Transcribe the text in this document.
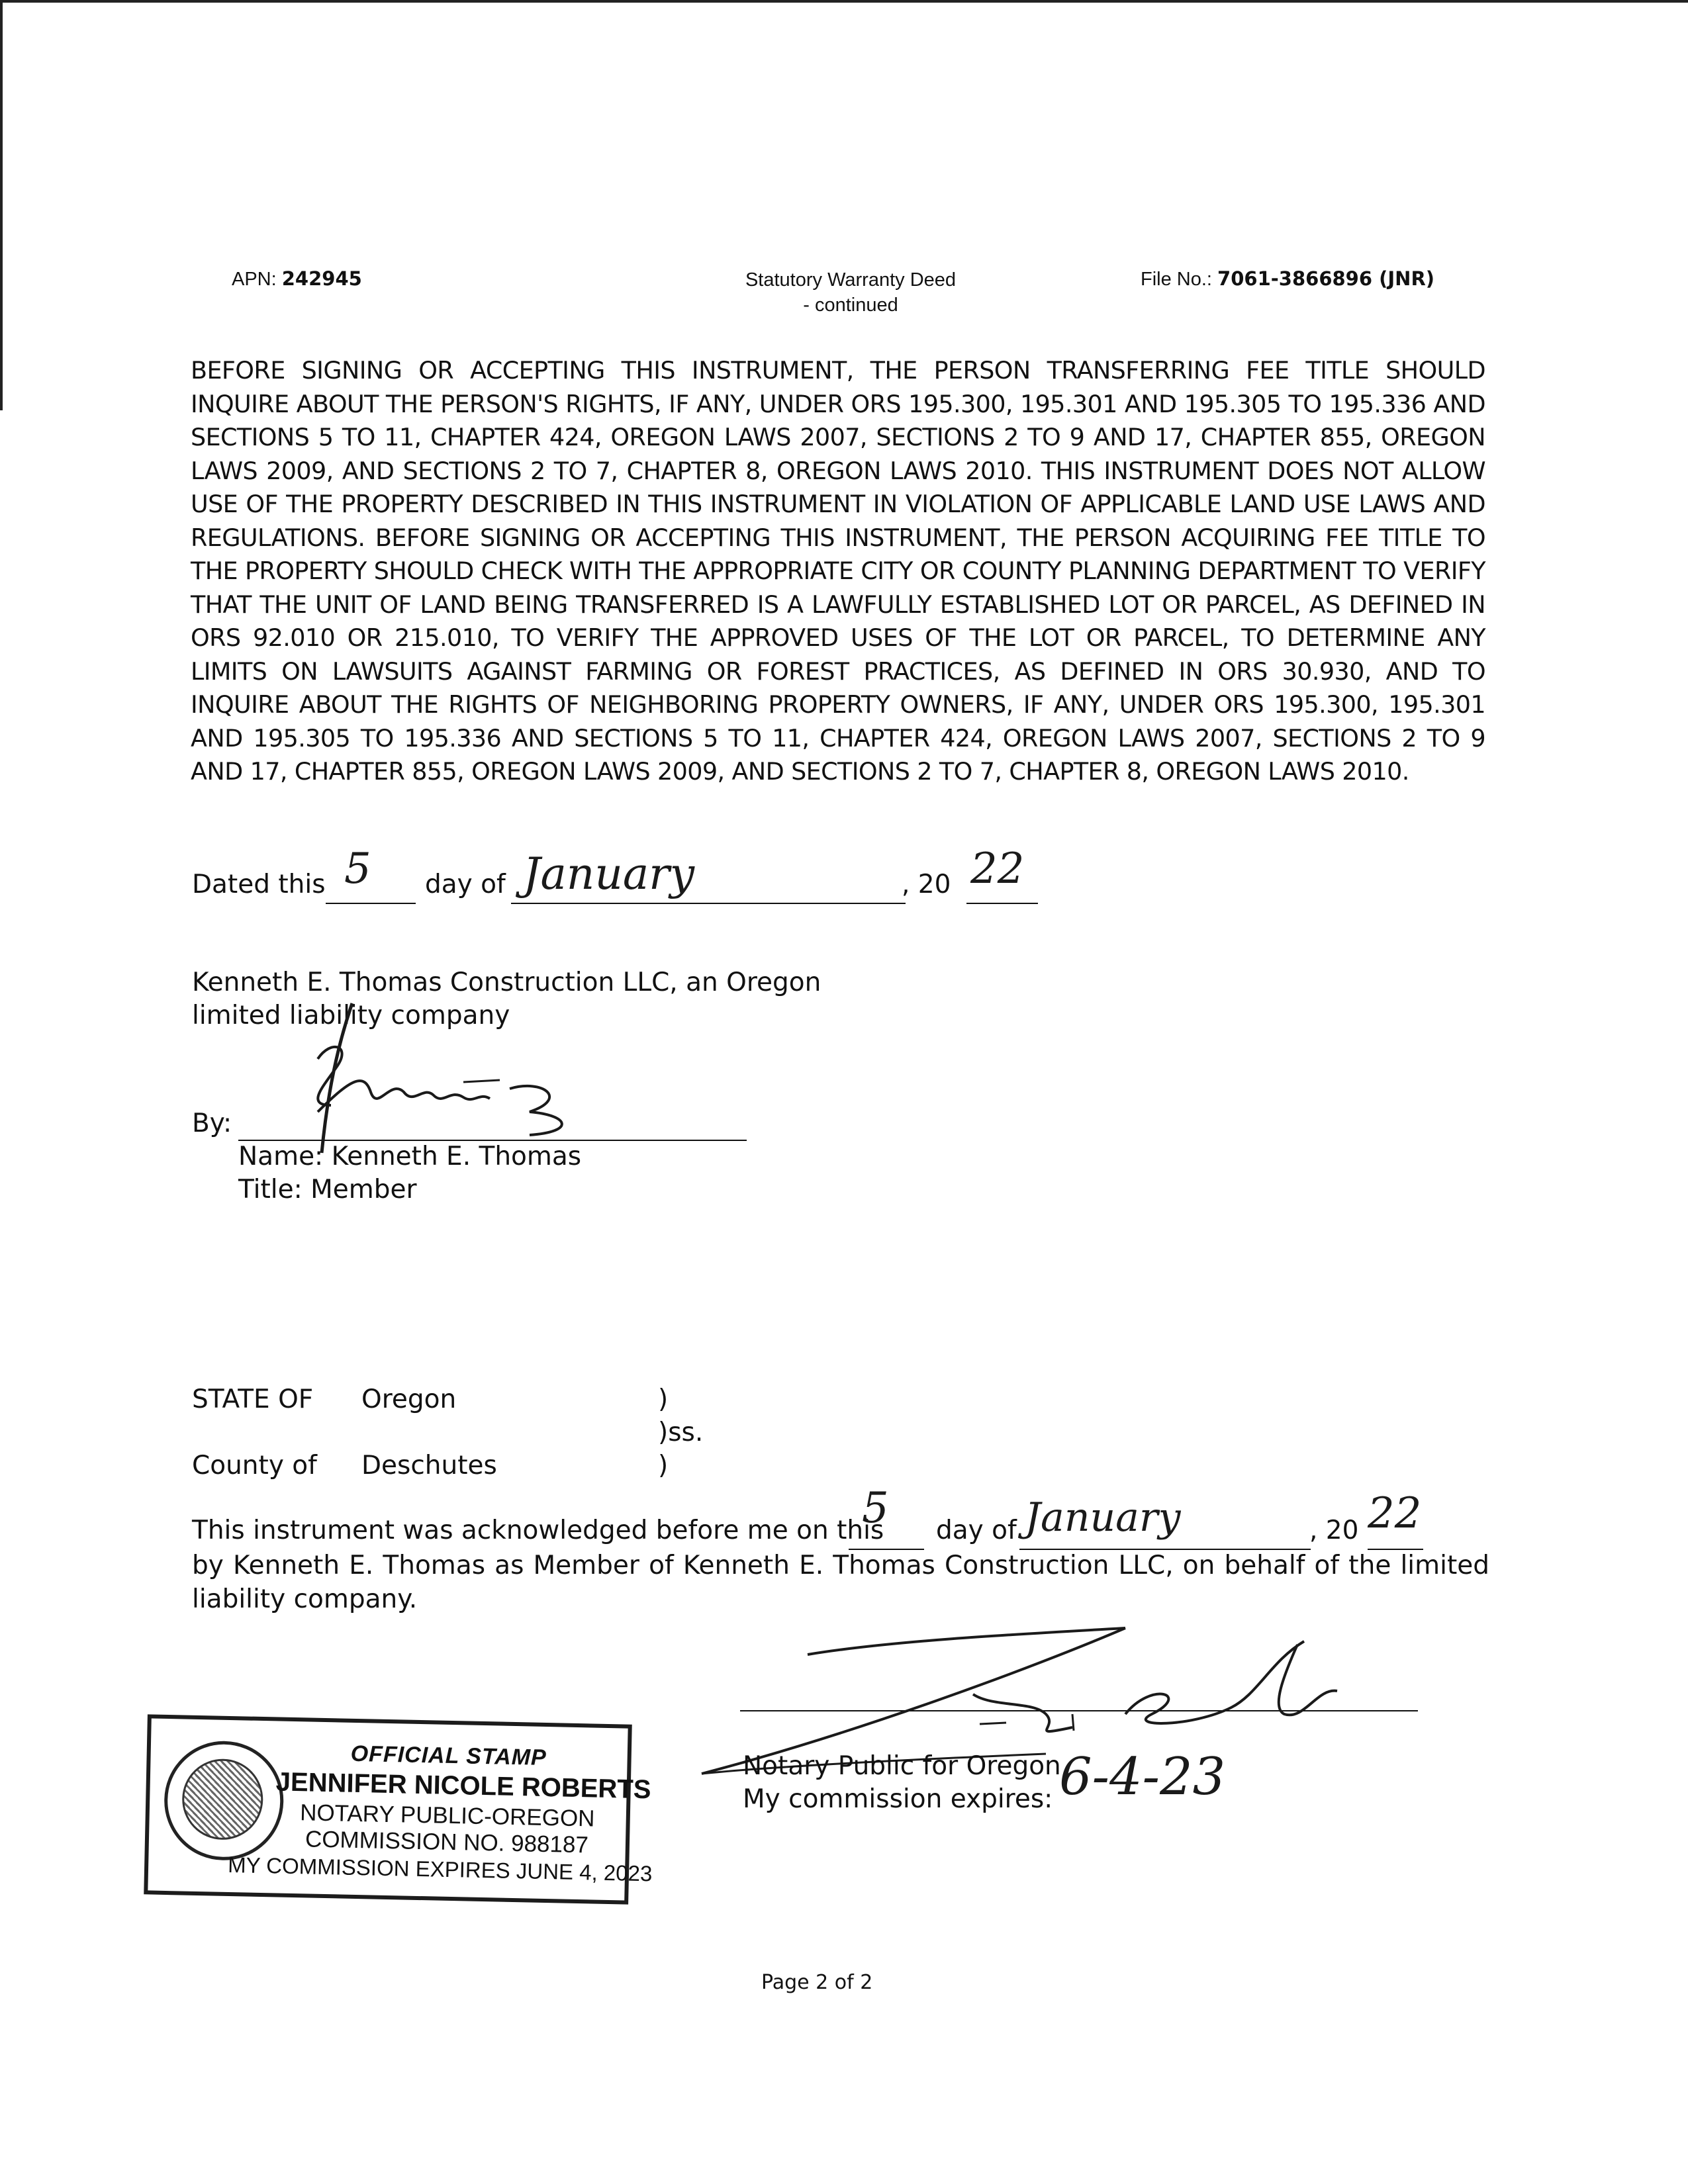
APN: 242945	Statutory Warranty Deed
- continued
File No.: 7061-3866896 (JNR)
BEFORE SIGNING OR ACCEPTING THIS INSTRUMENT, THE PERSON TRANSFERRING FEE TITLE SHOULD INQUIRE ABOUT THE PERSON'S RIGHTS, IF ANY, UNDER ORS 195.300, 195.301 AND 195.305 TO 195.336 AND SECTIONS 5 TO 11, CHAPTER 424, OREGON LAWS 2007, SECTIONS 2 TO 9 AND 17, CHAPTER 855, OREGON LAWS 2009, AND SECTIONS 2 TO 7, CHAPTER 8, OREGON LAWS 2010. THIS INSTRUMENT DOES NOT ALLOW USE OF THE PROPERTY DESCRIBED IN THIS INSTRUMENT IN VIOLATION OF APPLICABLE LAND USE LAWS AND REGULATIONS. BEFORE SIGNING OR ACCEPTING THIS INSTRUMENT, THE PERSON ACQUIRING FEE TITLE TO THE PROPERTY SHOULD CHECK WITH THE APPROPRIATE CITY OR COUNTY PLANNING DEPARTMENT TO VERIFY THAT THE UNIT OF LAND BEING TRANSFERRED IS A LAWFULLY ESTABLISHED LOT OR PARCEL, AS DEFINED IN ORS 92.010 OR 215.010, TO VERIFY THE APPROVED USES OF THE LOT OR PARCEL, TO DETERMINE ANY LIMITS ON LAWSUITS AGAINST FARMING OR FOREST PRACTICES, AS DEFINED IN ORS 30.930, AND TO INQUIRE ABOUT THE RIGHTS OF NEIGHBORING PROPERTY OWNERS, IF ANY, UNDER ORS 195.300, 195.301 AND 195.305 TO 195.336 AND SECTIONS 5 TO 11, CHAPTER 424, OREGON LAWS 2007, SECTIONS 2 TO 9 AND 17, CHAPTER 855, OREGON LAWS 2009, AND SECTIONS 2 TO 7, CHAPTER 8, OREGON LAWS 2010.
Dated this 5 day of January	, 20 22
Kenneth E. Thomas Construction LLC, an Oregon
limited liability company
By:
Name: Kenneth E. Thomas
Title: Member
STATE OF Oregon	)
)ss.
County of Deschutes	)
This instrument was acknowledged before me on this
5 day of January	, 20 22
by Kenneth E. Thomas as Member of Kenneth E. Thomas Construction LLC, on behalf of the limited liability company.
Notary Public for Oregon
My commission expires: 6-4-23
OFFICIAL STAMP
JENNIFER NICOLE ROBERTS
NOTARY PUBLIC-OREGON
COMMISSION NO. 988187
MY COMMISSION EXPIRES JUNE 4, 2023
Page 2 of 2
